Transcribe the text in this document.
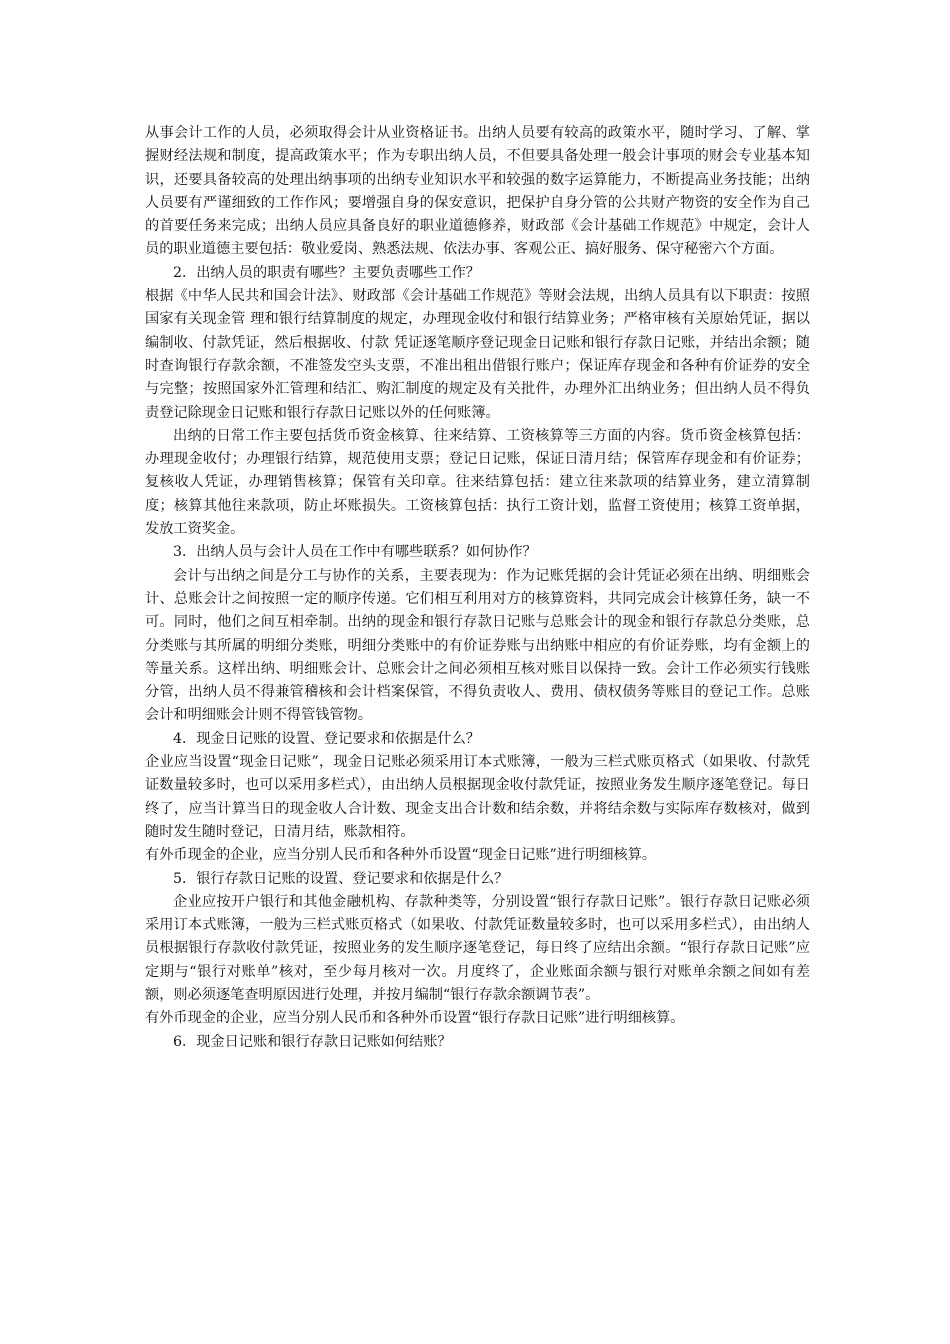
从事会计工作的人员，必须取得会计从业资格证书。出纳人员要有较高的政策水平，随时学习、了解、掌握财经法规和制度，提高政策水平；作为专职出纳人员，不但要具备处理一般会计事项的财会专业基本知识，还要具备较高的处理出纳事项的出纳专业知识水平和较强的数字运算能力，不断提高业务技能；出纳人员要有严谨细致的工作作风；要增强自身的保安意识，把保护自身分管的公共财产物资的安全作为自己的首要任务来完成；出纳人员应具备良好的职业道德修养，财政部《会计基础工作规范》中规定，会计人员的职业道德主要包括：敬业爱岗、熟悉法规、依法办事、客观公正、搞好服务、保守秘密六个方面。

2．出纳人员的职责有哪些？主要负责哪些工作？

根据《中华人民共和国会计法》、财政部《会计基础工作规范》等财会法规，出纳人员具有以下职责：按照国家有关现金管 理和银行结算制度的规定，办理现金收付和银行结算业务；严格审核有关原始凭证，据以编制收、付款凭证，然后根据收、付款 凭证逐笔顺序登记现金日记账和银行存款日记账，并结出余额；随时查询银行存款余额，不准签发空头支票，不准出租出借银行账户；保证库存现金和各种有价证券的安全与完整；按照国家外汇管理和结汇、购汇制度的规定及有关批件，办理外汇出纳业务；但出纳人员不得负责登记除现金日记账和银行存款日记账以外的任何账簿。

出纳的日常工作主要包括货币资金核算、往来结算、工资核算等三方面的内容。货币资金核算包括：办理现金收付；办理银行结算，规范使用支票；登记日记账，保证日清月结；保管库存现金和有价证券；复核收人凭证，办理销售核算；保管有关印章。往来结算包括：建立往来款项的结算业务，建立清算制度；核算其他往来款项，防止坏账损失。工资核算包括：执行工资计划，监督工资使用；核算工资单据，发放工资奖金。

3．出纳人员与会计人员在工作中有哪些联系？如何协作？

会计与出纳之间是分工与协作的关系，主要表现为：作为记账凭据的会计凭证必须在出纳、明细账会计、总账会计之间按照一定的顺序传递。它们相互利用对方的核算资料，共同完成会计核算任务，缺一不可。同时，他们之间互相牵制。出纳的现金和银行存款日记账与总账会计的现金和银行存款总分类账，总分类账与其所属的明细分类账，明细分类账中的有价证券账与出纳账中相应的有价证券账，均有金额上的等量关系。这样出纳、明细账会计、总账会计之间必须相互核对账目以保持一致。会计工作必须实行钱账分管，出纳人员不得兼管稽核和会计档案保管，不得负责收人、费用、债权债务等账目的登记工作。总账会计和明细账会计则不得管钱管物。

4．现金日记账的设置、登记要求和依据是什么？

企业应当设置“现金日记账”，现金日记账必须采用订本式账簿，一般为三栏式账页格式（如果收、付款凭证数量较多时，也可以采用多栏式），由出纳人员根据现金收付款凭证，按照业务发生顺序逐笔登记。每日终了，应当计算当日的现金收人合计数、现金支出合计数和结余数，并将结余数与实际库存数核对，做到随时发生随时登记，日清月结，账款相符。

有外币现金的企业，应当分别人民币和各种外币设置“现金日记账”进行明细核算。

5．银行存款日记账的设置、登记要求和依据是什么？

企业应按开户银行和其他金融机构、存款种类等，分别设置“银行存款日记账”。银行存款日记账必须采用订本式账簿，一般为三栏式账页格式（如果收、付款凭证数量较多时，也可以采用多栏式），由出纳人员根据银行存款收付款凭证，按照业务的发生顺序逐笔登记，每日终了应结出余额。“银行存款日记账”应定期与“银行对账单”核对，至少每月核对一次。月度终了，企业账面余额与银行对账单余额之间如有差额，则必须逐笔查明原因进行处理，并按月编制“银行存款余额调节表”。

有外币现金的企业，应当分别人民币和各种外币设置“银行存款日记账”进行明细核算。

6．现金日记账和银行存款日记账如何结账？
